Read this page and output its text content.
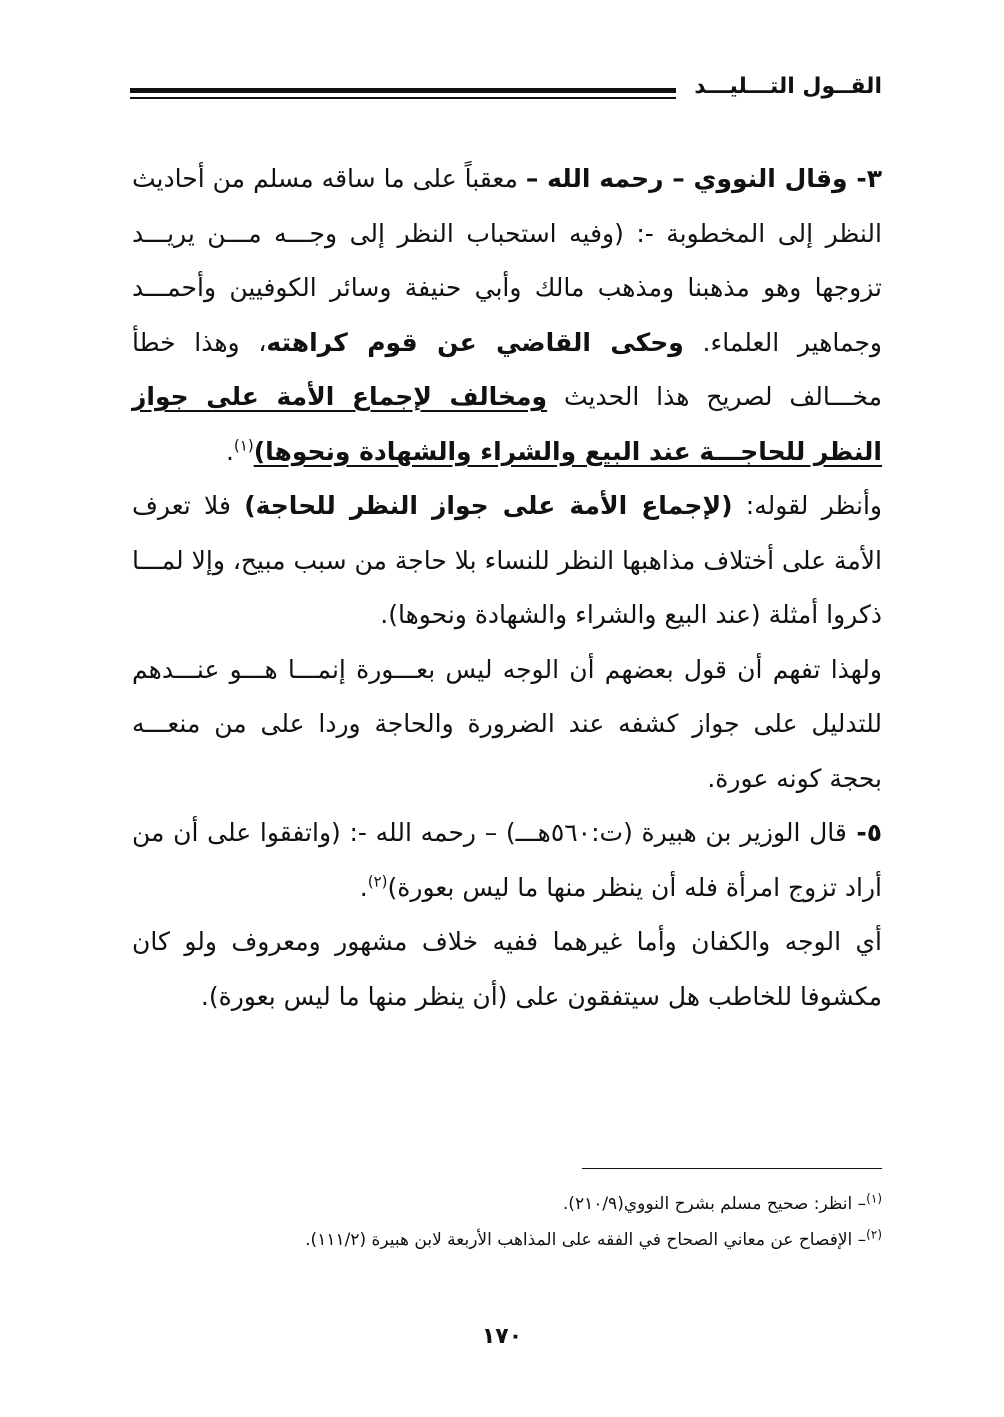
القــول التـــليـــد

٣- وقال النووي – رحمه الله – معقباً على ما ساقه مسلم من أحاديث النظر إلى المخطوبة -: (وفيه استحباب النظر إلى وجـــه مـــن يريـــد تزوجها وهو مذهبنا ومذهب مالك وأبي حنيفة وسائر الكوفيين وأحمـــد وجماهير العلماء. وحكى القاضي عن قوم كراهته، وهذا خطأ مخـــالف لصريح هذا الحديث ومخالف لإجماع الأمة على جواز النظر للحاجـــة عند البيع والشراء والشهادة ونحوها)$^{(١)}$.

وأنظر لقوله: (لإجماع الأمة على جواز النظر للحاجة) فلا تعرف الأمة على أختلاف مذاهبها النظر للنساء بلا حاجة من سبب مبيح، وإلا لمـــا ذكروا أمثلة (عند البيع والشراء والشهادة ونحوها).

ولهذا تفهم أن قول بعضهم أن الوجه ليس بعـــورة إنمـــا هـــو عنـــدهم للتدليل على جواز كشفه عند الضرورة والحاجة وردا على من منعـــه بحجة كونه عورة.

٥- قال الوزير بن هبيرة (ت:٥٦٠هـــ) – رحمه الله -: (واتفقوا على أن من أراد تزوج امرأة فله أن ينظر منها ما ليس بعورة)$^{(٢)}$.

أي الوجه والكفان وأما غيرهما ففيه خلاف مشهور ومعروف ولو كان مكشوفا للخاطب هل سيتفقون على (أن ينظر منها ما ليس بعورة).

$^{(١)}$– انظر: صحيح مسلم بشرح النووي(٢١٠/٩).

$^{(٢)}$– الإفصاح عن معاني الصحاح في الفقه على المذاهب الأربعة لابن هبيرة (١١١/٢).

١٧٠
